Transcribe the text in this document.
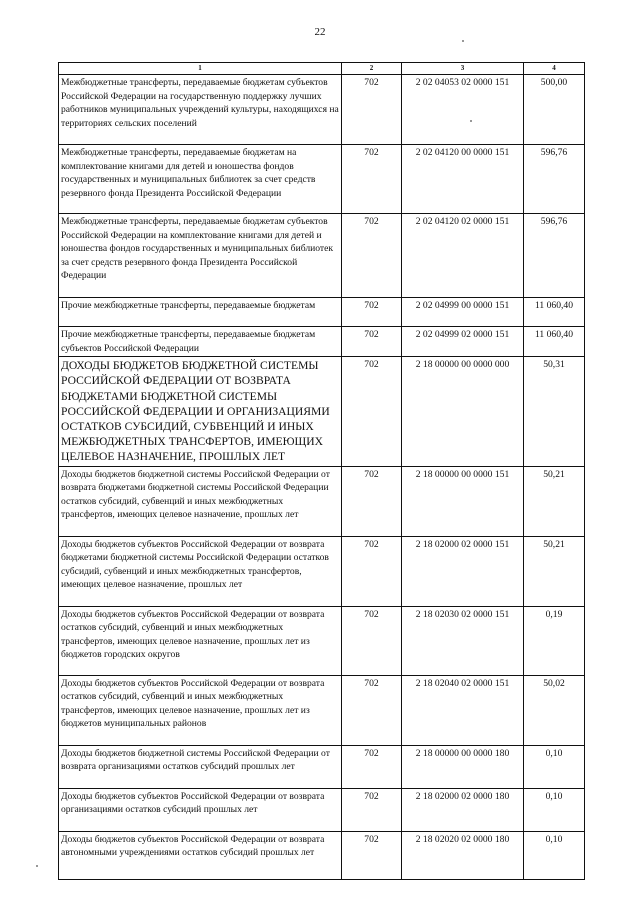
22
1	2	3	4
Межбюджетные трансферты, передаваемые бюджетам субъектов Российской Федерации на государственную поддержку лучших работников муниципальных учреждений культуры, находящихся на территориях сельских поселений	702	2 02 04053 02 0000 151	500,00
Межбюджетные трансферты, передаваемые бюджетам на комплектование книгами для детей и юношества фондов государственных и муниципальных библиотек за счет средств резервного фонда Президента Российской Федерации	702	2 02 04120 00 0000 151	596,76
Межбюджетные трансферты, передаваемые бюджетам субъектов Российской Федерации на комплектование книгами для детей и юношества фондов государственных и муниципальных библиотек за счет средств резервного фонда Президента Российской Федерации	702	2 02 04120 02 0000 151	596,76
Прочие межбюджетные трансферты, передаваемые бюджетам	702	2 02 04999 00 0000 151	11 060,40
Прочие межбюджетные трансферты, передаваемые бюджетам субъектов Российской Федерации	702	2 02 04999 02 0000 151	11 060,40
ДОХОДЫ БЮДЖЕТОВ БЮДЖЕТНОЙ СИСТЕМЫ РОССИЙСКОЙ ФЕДЕРАЦИИ ОТ ВОЗВРАТА БЮДЖЕТАМИ БЮДЖЕТНОЙ СИСТЕМЫ РОССИЙСКОЙ ФЕДЕРАЦИИ И ОРГАНИЗАЦИЯМИ ОСТАТКОВ СУБСИДИЙ, СУБВЕНЦИЙ И ИНЫХ МЕЖБЮДЖЕТНЫХ ТРАНСФЕРТОВ, ИМЕЮЩИХ ЦЕЛЕВОЕ НАЗНАЧЕНИЕ, ПРОШЛЫХ ЛЕТ	702	2 18 00000 00 0000 000	50,31
Доходы бюджетов бюджетной системы Российской Федерации от возврата бюджетами бюджетной системы Российской Федерации остатков субсидий, субвенций и иных межбюджетных трансфертов, имеющих целевое назначение, прошлых лет	702	2 18 00000 00 0000 151	50,21
Доходы бюджетов субъектов Российской Федерации от возврата бюджетами бюджетной системы Российской Федерации остатков субсидий, субвенций и иных межбюджетных трансфертов, имеющих целевое назначение, прошлых лет	702	2 18 02000 02 0000 151	50,21
Доходы бюджетов субъектов Российской Федерации от возврата остатков субсидий, субвенций и иных межбюджетных трансфертов, имеющих целевое назначение, прошлых лет из бюджетов городских округов	702	2 18 02030 02 0000 151	0,19
Доходы бюджетов субъектов Российской Федерации от возврата остатков субсидий, субвенций и иных межбюджетных трансфертов, имеющих целевое назначение, прошлых лет из бюджетов муниципальных районов	702	2 18 02040 02 0000 151	50,02
Доходы бюджетов бюджетной системы Российской Федерации от возврата организациями остатков субсидий прошлых лет	702	2 18 00000 00 0000 180	0,10
Доходы бюджетов субъектов Российской Федерации от возврата организациями остатков субсидий прошлых лет	702	2 18 02000 02 0000 180	0,10
Доходы бюджетов субъектов Российской Федерации от возврата автономными учреждениями остатков субсидий прошлых лет	702	2 18 02020 02 0000 180	0,10
